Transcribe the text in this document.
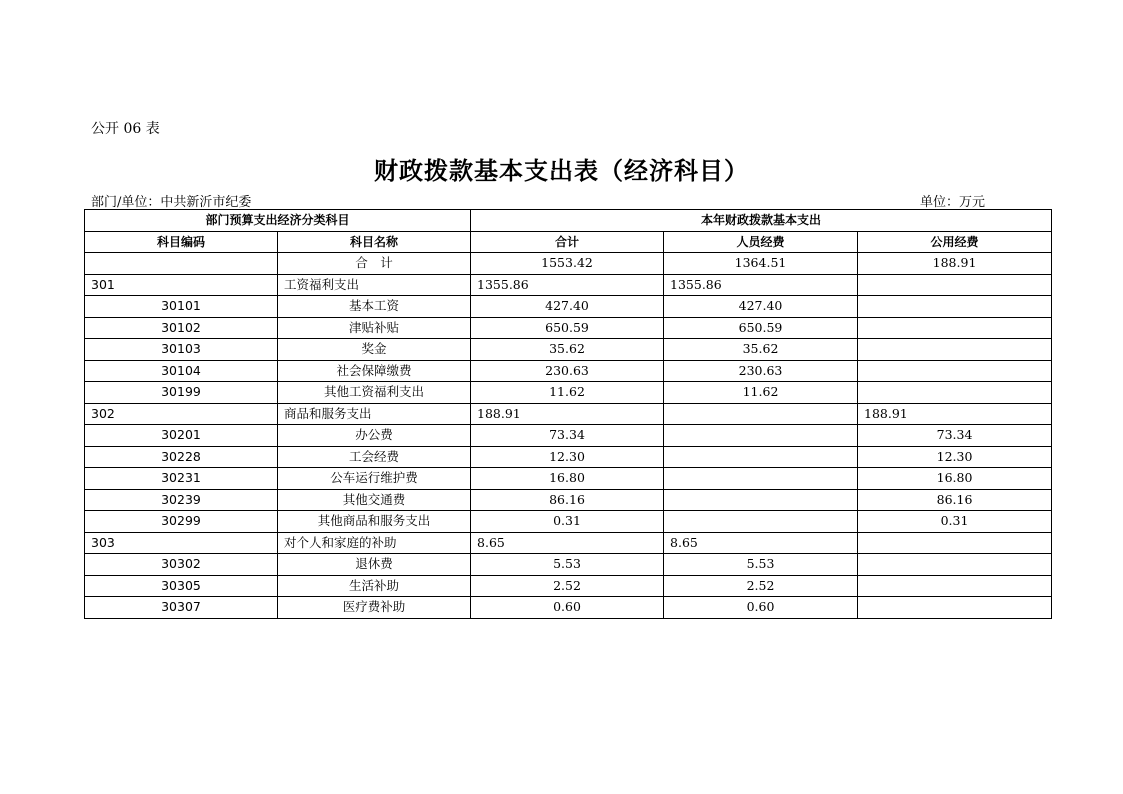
公开 06 表
财政拨款基本支出表（经济科目）
部门/单位：中共新沂市纪委	单位：万元
部门预算支出经济分类科目		本年财政拨款基本支出		
科目编码	科目名称	合计	人员经费	公用经费
	合　计	1553.42	1364.51	188.91
301	工资福利支出	1355.86	1355.86	
30101	基本工资	427.40	427.40	
30102	津贴补贴	650.59	650.59	
30103	奖金	35.62	35.62	
30104	社会保障缴费	230.63	230.63	
30199	其他工资福利支出	11.62	11.62	
302	商品和服务支出	188.91		188.91
30201	办公费	73.34		73.34
30228	工会经费	12.30		12.30
30231	公车运行维护费	16.80		16.80
30239	其他交通费	86.16		86.16
30299	其他商品和服务支出	0.31		0.31
303	对个人和家庭的补助	8.65	8.65	
30302	退休费	5.53	5.53	
30305	生活补助	2.52	2.52	
30307	医疗费补助	0.60	0.60	
